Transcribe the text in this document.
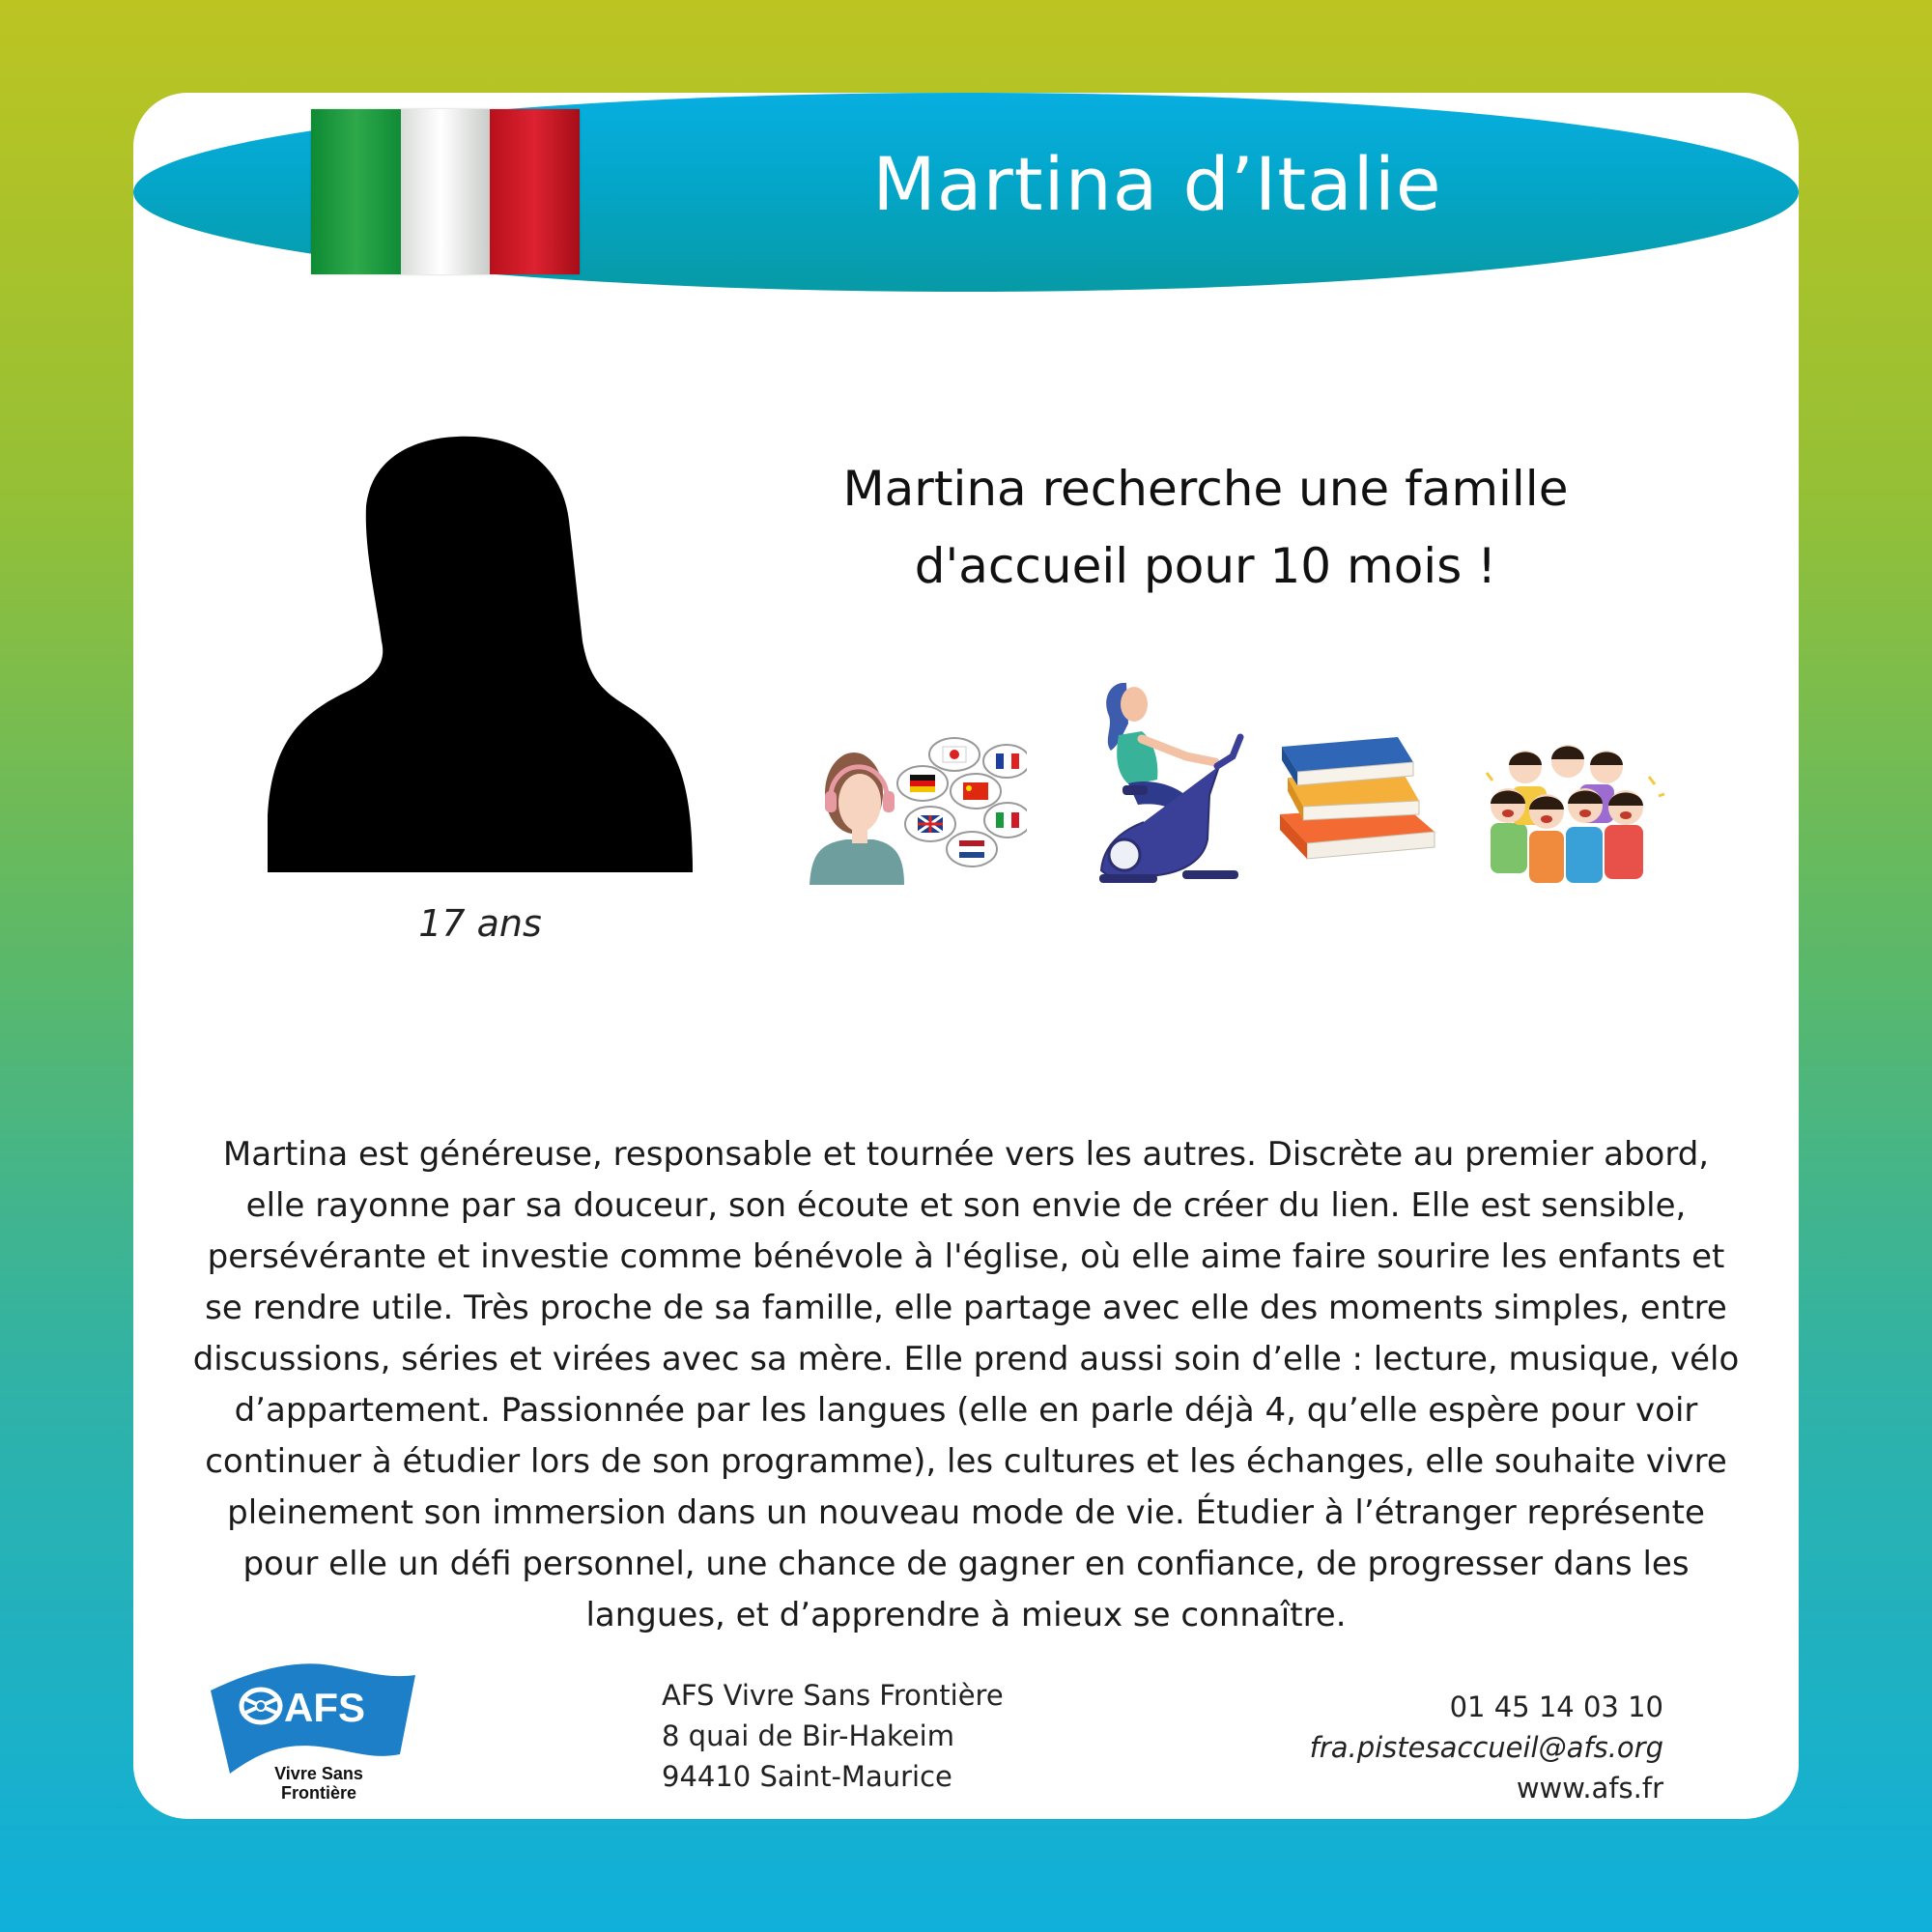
Martina d’Italie
17 ans
Martina recherche une famille
d'accueil pour 10 mois !
Martina est généreuse, responsable et tournée vers les autres. Discrète au premier abord, elle rayonne par sa douceur, son écoute et son envie de créer du lien. Elle est sensible, persévérante et investie comme bénévole à l'église, où elle aime faire sourire les enfants et se rendre utile. Très proche de sa famille, elle partage avec elle des moments simples, entre discussions, séries et virées avec sa mère. Elle prend aussi soin d’elle : lecture, musique, vélo d’appartement. Passionnée par les langues (elle en parle déjà 4, qu’elle espère pour voir continuer à étudier lors de son programme), les cultures et les échanges, elle souhaite vivre pleinement son immersion dans un nouveau mode de vie. Étudier à l’étranger représente pour elle un défi personnel, une chance de gagner en confiance, de progresser dans les langues, et d’apprendre à mieux se connaître.
AFS
Vivre Sans
Frontière
AFS Vivre Sans Frontière
8 quai de Bir-Hakeim
94410 Saint-Maurice
01 45 14 03 10
fra.pistesaccueil@afs.org
www.afs.fr
